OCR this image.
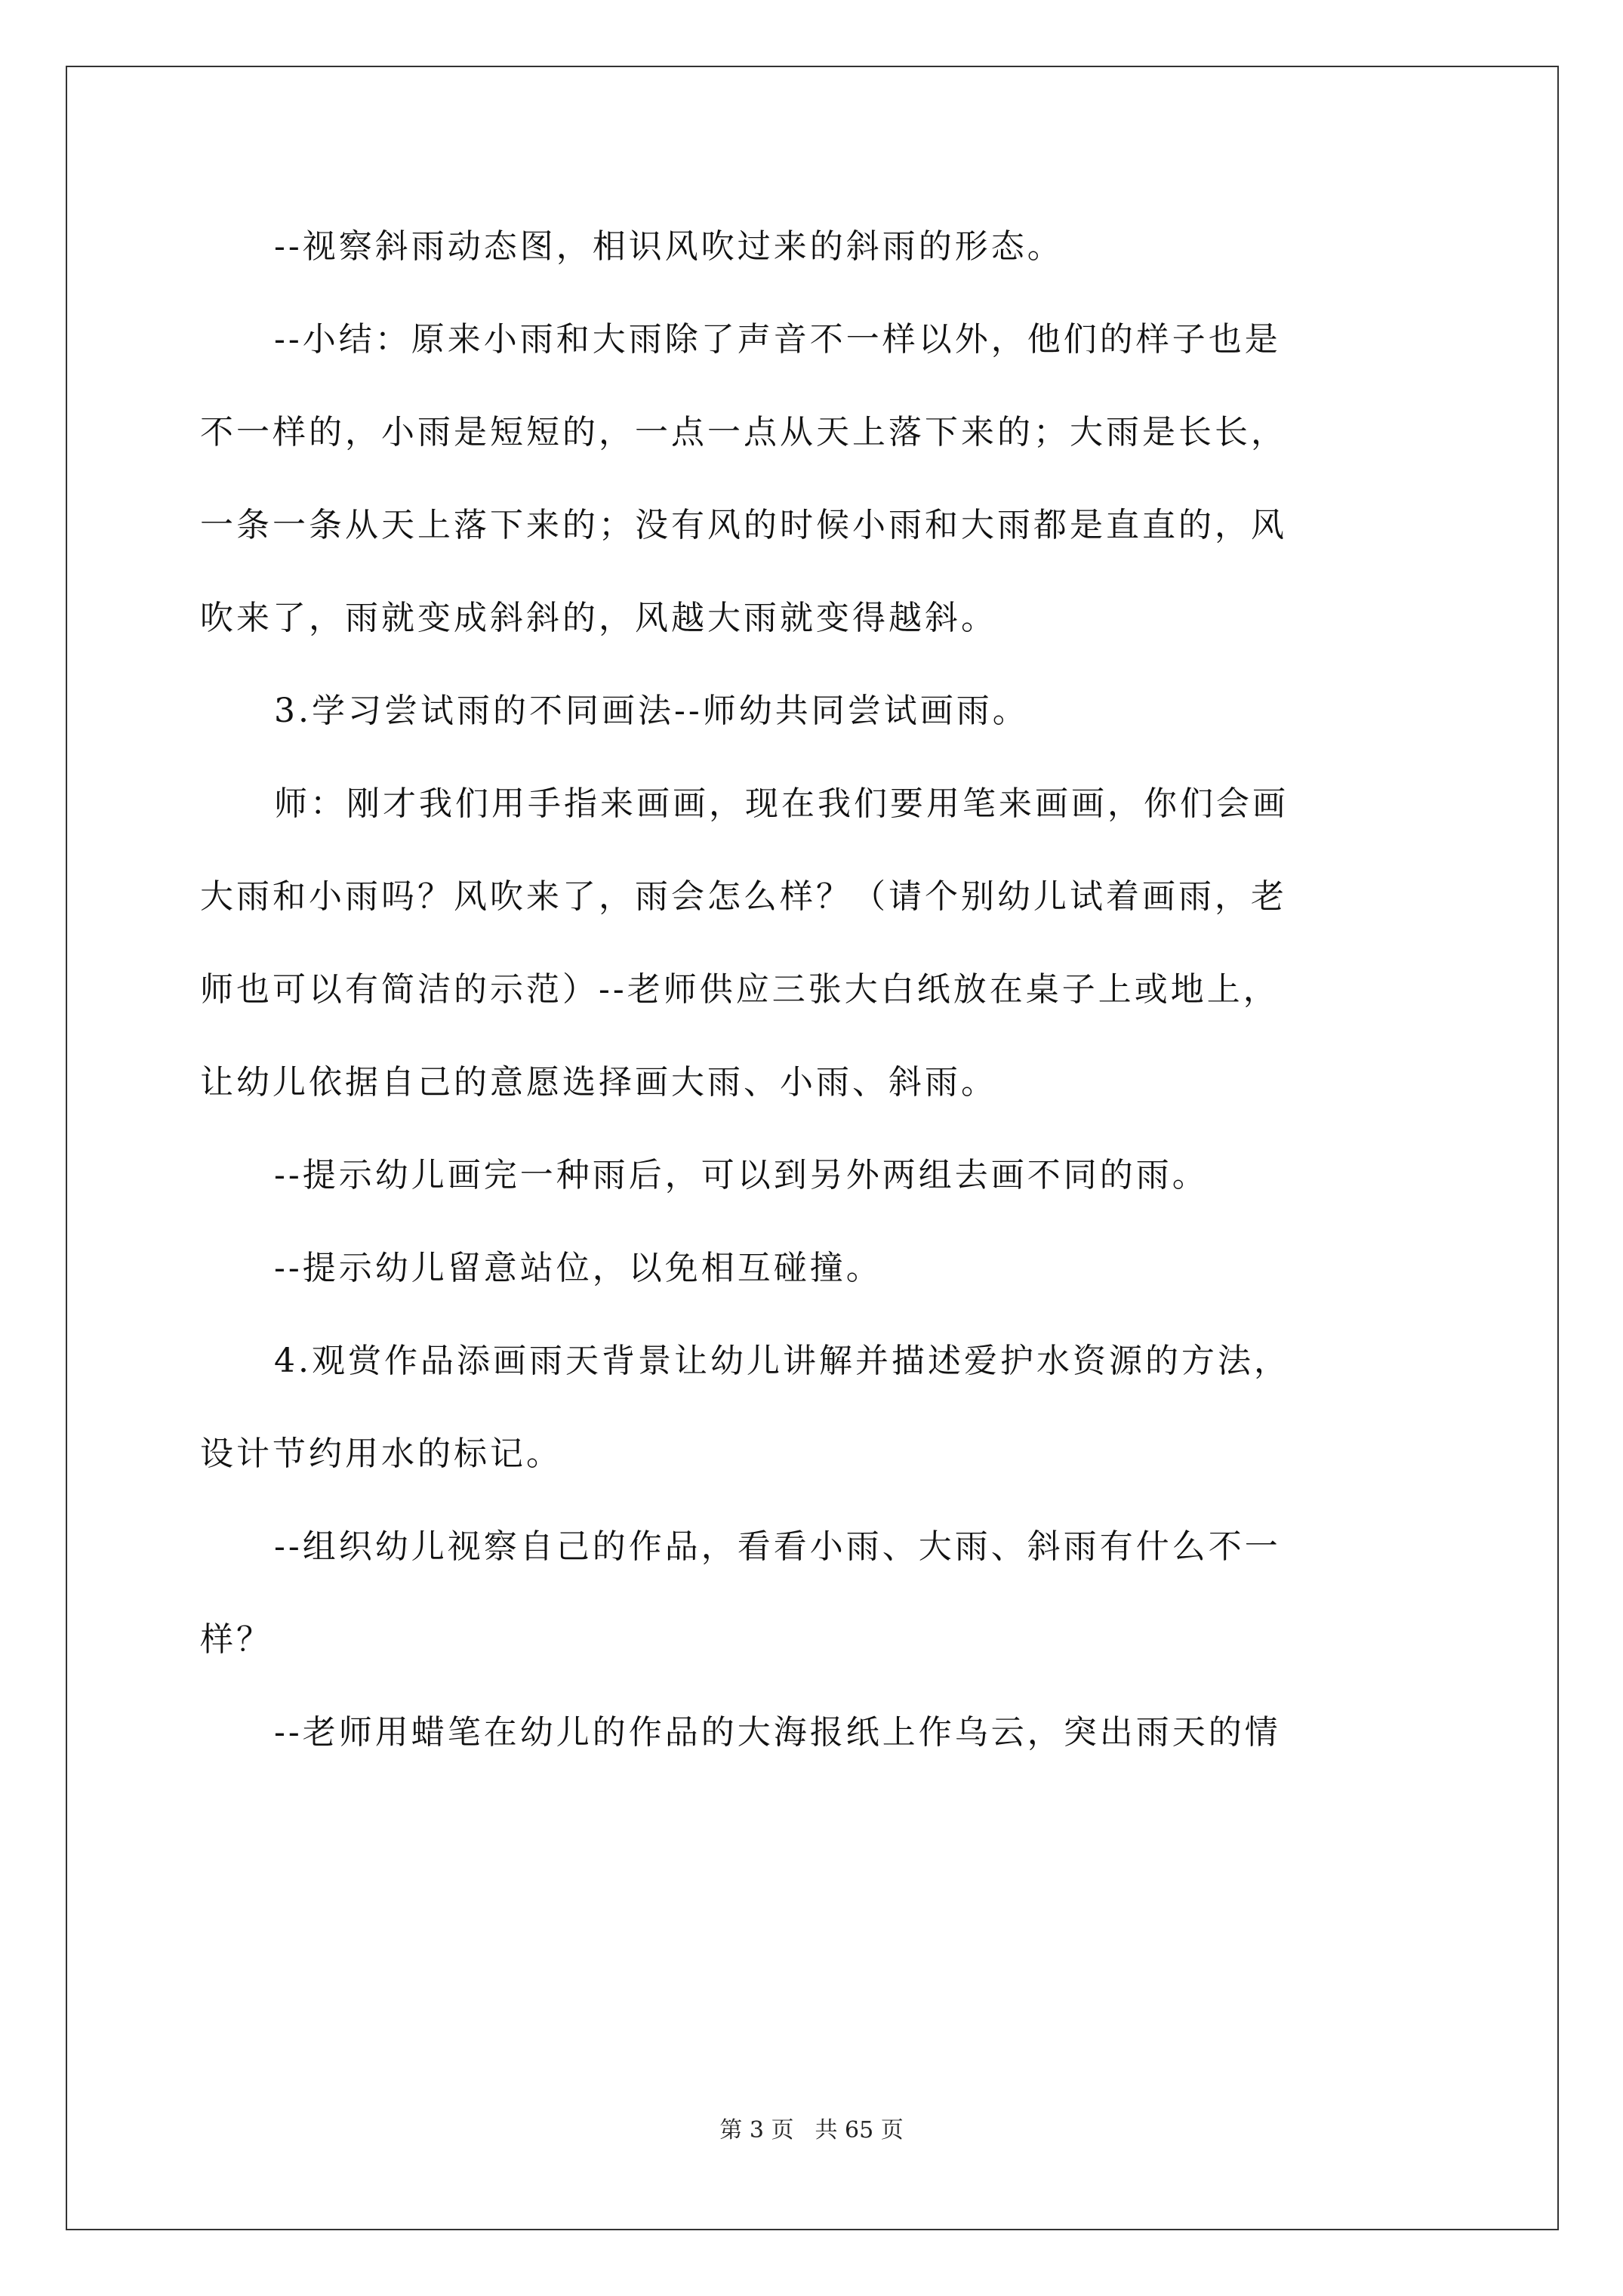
--视察斜雨动态图，相识风吹过来的斜雨的形态。

--小结：原来小雨和大雨除了声音不一样以外，他们的样子也是

不一样的，小雨是短短的，一点一点从天上落下来的；大雨是长长，

一条一条从天上落下来的；没有风的时候小雨和大雨都是直直的，风

吹来了，雨就变成斜斜的，风越大雨就变得越斜。

3.学习尝试雨的不同画法--师幼共同尝试画雨。

师：刚才我们用手指来画画，现在我们要用笔来画画，你们会画

大雨和小雨吗？风吹来了，雨会怎么样？（请个别幼儿试着画雨，老

师也可以有简洁的示范）--老师供应三张大白纸放在桌子上或地上，

让幼儿依据自己的意愿选择画大雨、小雨、斜雨。

--提示幼儿画完一种雨后，可以到另外两组去画不同的雨。

--提示幼儿留意站位，以免相互碰撞。

4.观赏作品添画雨天背景让幼儿讲解并描述爱护水资源的方法，

设计节约用水的标记。

--组织幼儿视察自己的作品，看看小雨、大雨、斜雨有什么不一

样？

--老师用蜡笔在幼儿的作品的大海报纸上作乌云，突出雨天的情

第 3 页 共 65 页
